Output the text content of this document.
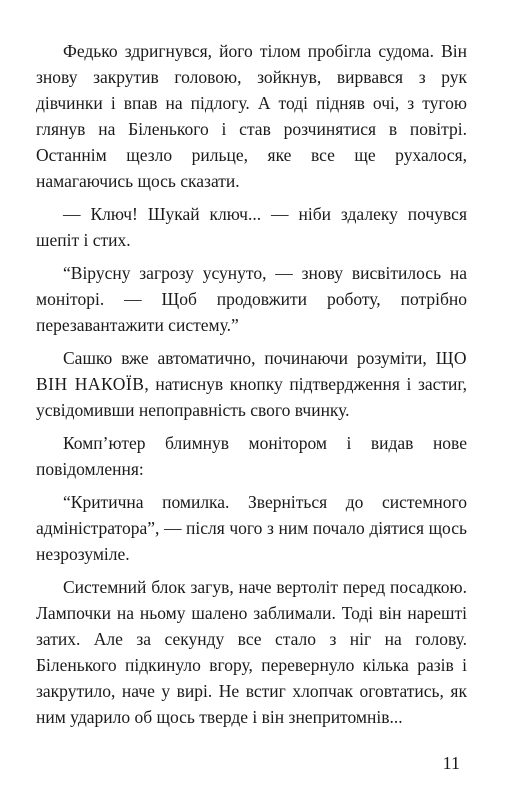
Федько здригнувся, його тілом пробігла судома. Він знову закрутив головою, зойкнув, вирвався з рук дівчинки і впав на підлогу. А тоді підняв очі, з тугою глянув на Біленького і став розчинятися в повітрі. Останнім щезло рильце, яке все ще рухалося, намагаючись щось сказати.

— Ключ! Шукай ключ... — ніби здалеку почувся шепіт і стих.

“Вірусну загрозу усунуто, — знову висвітилось на моніторі. — Щоб продовжити роботу, потрібно перезавантажити систему.”

Сашко вже автоматично, починаючи розуміти, ЩО ВІН НАКОЇВ, натиснув кнопку підтвердження і застиг, усвідомивши непоправність свого вчинку.

Комп’ютер блимнув монітором і видав нове повідомлення:

“Критична помилка. Зверніться до системного адміністратора”, — після чого з ним почало діятися щось незрозуміле.

Системний блок загув, наче вертоліт перед посадкою. Лампочки на ньому шалено заблимали. Тоді він нарешті затих. Але за секунду все стало з ніг на голову. Біленького підкинуло вгору, перевернуло кілька разів і закрутило, наче у вирі. Не встиг хлопчак оговтатись, як ним ударило об щось тверде і він знепритомнів...

11
